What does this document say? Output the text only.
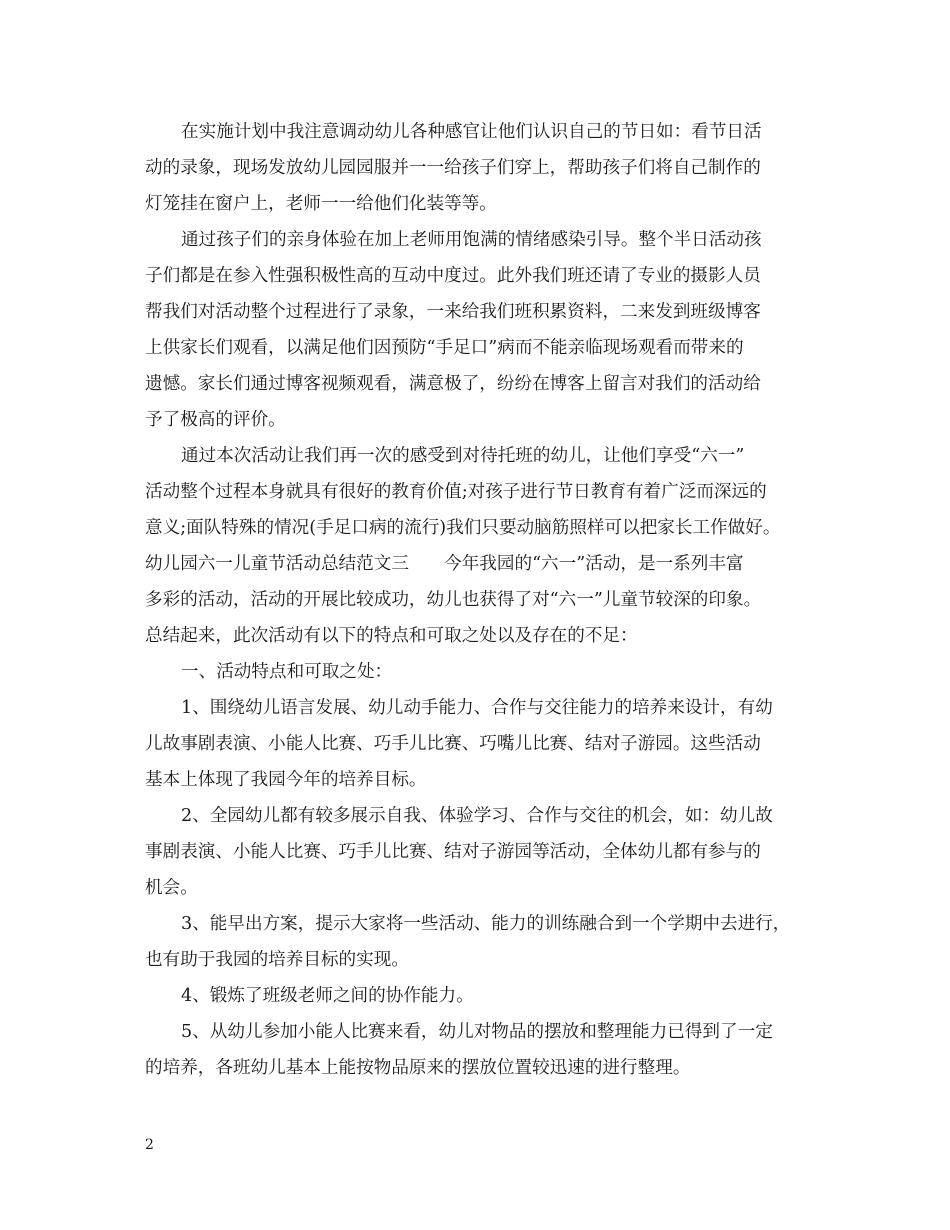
在实施计划中我注意调动幼儿各种感官让他们认识自己的节日如：看节日活
动的录象，现场发放幼儿园园服并一一给孩子们穿上，帮助孩子们将自己制作的
灯笼挂在窗户上，老师一一给他们化装等等。
通过孩子们的亲身体验在加上老师用饱满的情绪感染引导。整个半日活动孩
子们都是在参入性强积极性高的互动中度过。此外我们班还请了专业的摄影人员
帮我们对活动整个过程进行了录象，一来给我们班积累资料，二来发到班级博客
上供家长们观看，以满足他们因预防“手足口”病而不能亲临现场观看而带来的
遗憾。家长们通过博客视频观看，满意极了，纷纷在博客上留言对我们的活动给
予了极高的评价。
通过本次活动让我们再一次的感受到对待托班的幼儿，让他们享受“六一”
活动整个过程本身就具有很好的教育价值;对孩子进行节日教育有着广泛而深远的
意义;面队特殊的情况(手足口病的流行)我们只要动脑筋照样可以把家长工作做好。
幼儿园六一儿童节活动总结范文三　　今年我园的“六一”活动，是一系列丰富
多彩的活动，活动的开展比较成功，幼儿也获得了对“六一”儿童节较深的印象。
总结起来，此次活动有以下的特点和可取之处以及存在的不足：
一、活动特点和可取之处：
1、围绕幼儿语言发展、幼儿动手能力、合作与交往能力的培养来设计，有幼
儿故事剧表演、小能人比赛、巧手儿比赛、巧嘴儿比赛、结对子游园。这些活动
基本上体现了我园今年的培养目标。
2、全园幼儿都有较多展示自我、体验学习、合作与交往的机会，如：幼儿故
事剧表演、小能人比赛、巧手儿比赛、结对子游园等活动，全体幼儿都有参与的
机会。
3、能早出方案，提示大家将一些活动、能力的训练融合到一个学期中去进行，
也有助于我园的培养目标的实现。
4、锻炼了班级老师之间的协作能力。
5、从幼儿参加小能人比赛来看，幼儿对物品的摆放和整理能力已得到了一定
的培养，各班幼儿基本上能按物品原来的摆放位置较迅速的进行整理。
2
